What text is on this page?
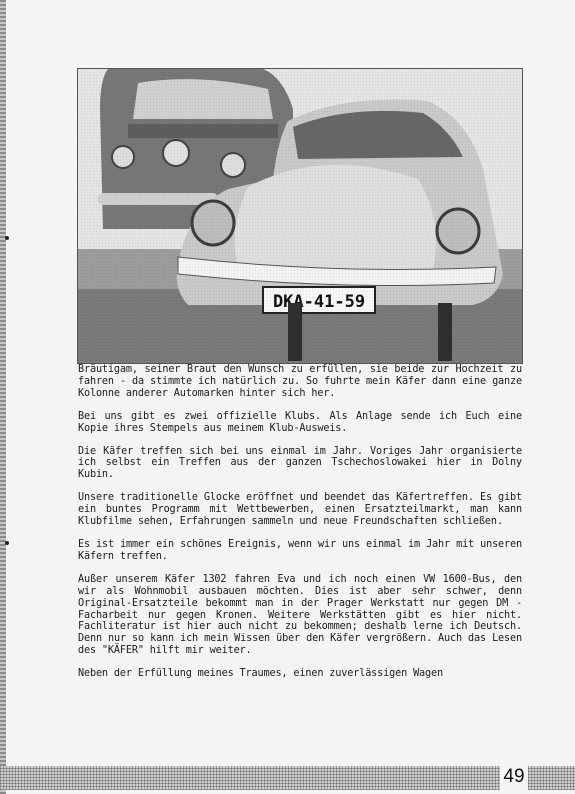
Bräutigam, seiner Braut den Wunsch zu erfüllen, sie beide zur Hochzeit zu fahren - da stimmte ich natürlich zu. So fuhrte mein Käfer dann eine ganze Kolonne anderer Automarken hinter sich her.

Bei uns gibt es zwei offizielle Klubs. Als Anlage sende ich Euch eine Kopie ihres Stempels aus meinem Klub-Ausweis.

Die Käfer treffen sich bei uns einmal im Jahr. Voriges Jahr organisierte ich selbst ein Treffen aus der ganzen Tschechoslowakei hier in Dolny Kubin.

Unsere traditionelle Glocke eröffnet und beendet das Käfertreffen. Es gibt ein buntes Programm mit Wettbewerben, einen Ersatzteilmarkt, man kann Klubfilme sehen, Erfahrungen sammeln und neue Freundschaften schließen.

Es ist immer ein schönes Ereignis, wenn wir uns einmal im Jahr mit unseren Käfern treffen.

Außer unserem Käfer 1302 fahren Eva und ich noch einen VW 1600-Bus, den wir als Wohnmobil ausbauen möchten. Dies ist aber sehr schwer, denn Original-Ersatzteile bekommt man in der Prager Werkstatt nur gegen DM - Facharbeit nur gegen Kronen. Weitere Werkstätten gibt es hier nicht. Fachliteratur ist hier auch nicht zu bekommen; deshalb lerne ich Deutsch. Denn nur so kann ich mein Wissen über den Käfer vergrößern. Auch das Lesen des "KÄFER" hilft mir weiter.

Neben der Erfüllung meines Traumes, einen zuverlässigen Wagen

49
